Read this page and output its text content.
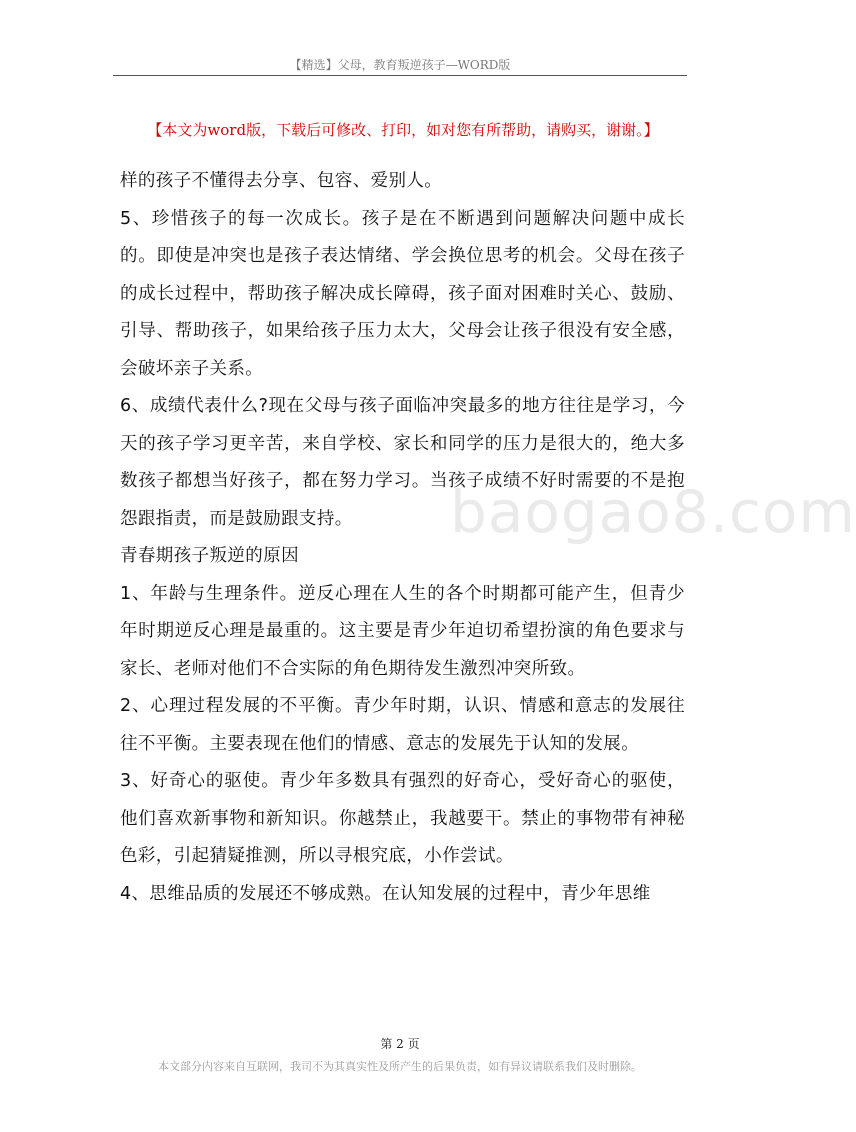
【精选】父母，教育叛逆孩子—WORD版
【本文为word版，下载后可修改、打印，如对您有所帮助，请购买，谢谢。】
baogao8.com

样的孩子不懂得去分享、包容、爱别人。

5、珍惜孩子的每一次成长。孩子是在不断遇到问题解决问题中成长的。即使是冲突也是孩子表达情绪、学会换位思考的机会。父母在孩子的成长过程中，帮助孩子解决成长障碍，孩子面对困难时关心、鼓励、引导、帮助孩子，如果给孩子压力太大，父母会让孩子很没有安全感，会破坏亲子关系。

6、成绩代表什么?现在父母与孩子面临冲突最多的地方往往是学习，今天的孩子学习更辛苦，来自学校、家长和同学的压力是很大的，绝大多数孩子都想当好孩子，都在努力学习。当孩子成绩不好时需要的不是抱怨跟指责，而是鼓励跟支持。

青春期孩子叛逆的原因

1、年龄与生理条件。逆反心理在人生的各个时期都可能产生，但青少年时期逆反心理是最重的。这主要是青少年迫切希望扮演的角色要求与家长、老师对他们不合实际的角色期待发生激烈冲突所致。

2、心理过程发展的不平衡。青少年时期，认识、情感和意志的发展往往不平衡。主要表现在他们的情感、意志的发展先于认知的发展。

3、好奇心的驱使。青少年多数具有强烈的好奇心，受好奇心的驱使，他们喜欢新事物和新知识。你越禁止，我越要干。禁止的事物带有神秘色彩，引起猜疑推测，所以寻根究底，小作尝试。

4、思维品质的发展还不够成熟。在认知发展的过程中，青少年思维

第 2 页
本文部分内容来自互联网，我司不为其真实性及所产生的后果负责，如有异议请联系我们及时删除。
